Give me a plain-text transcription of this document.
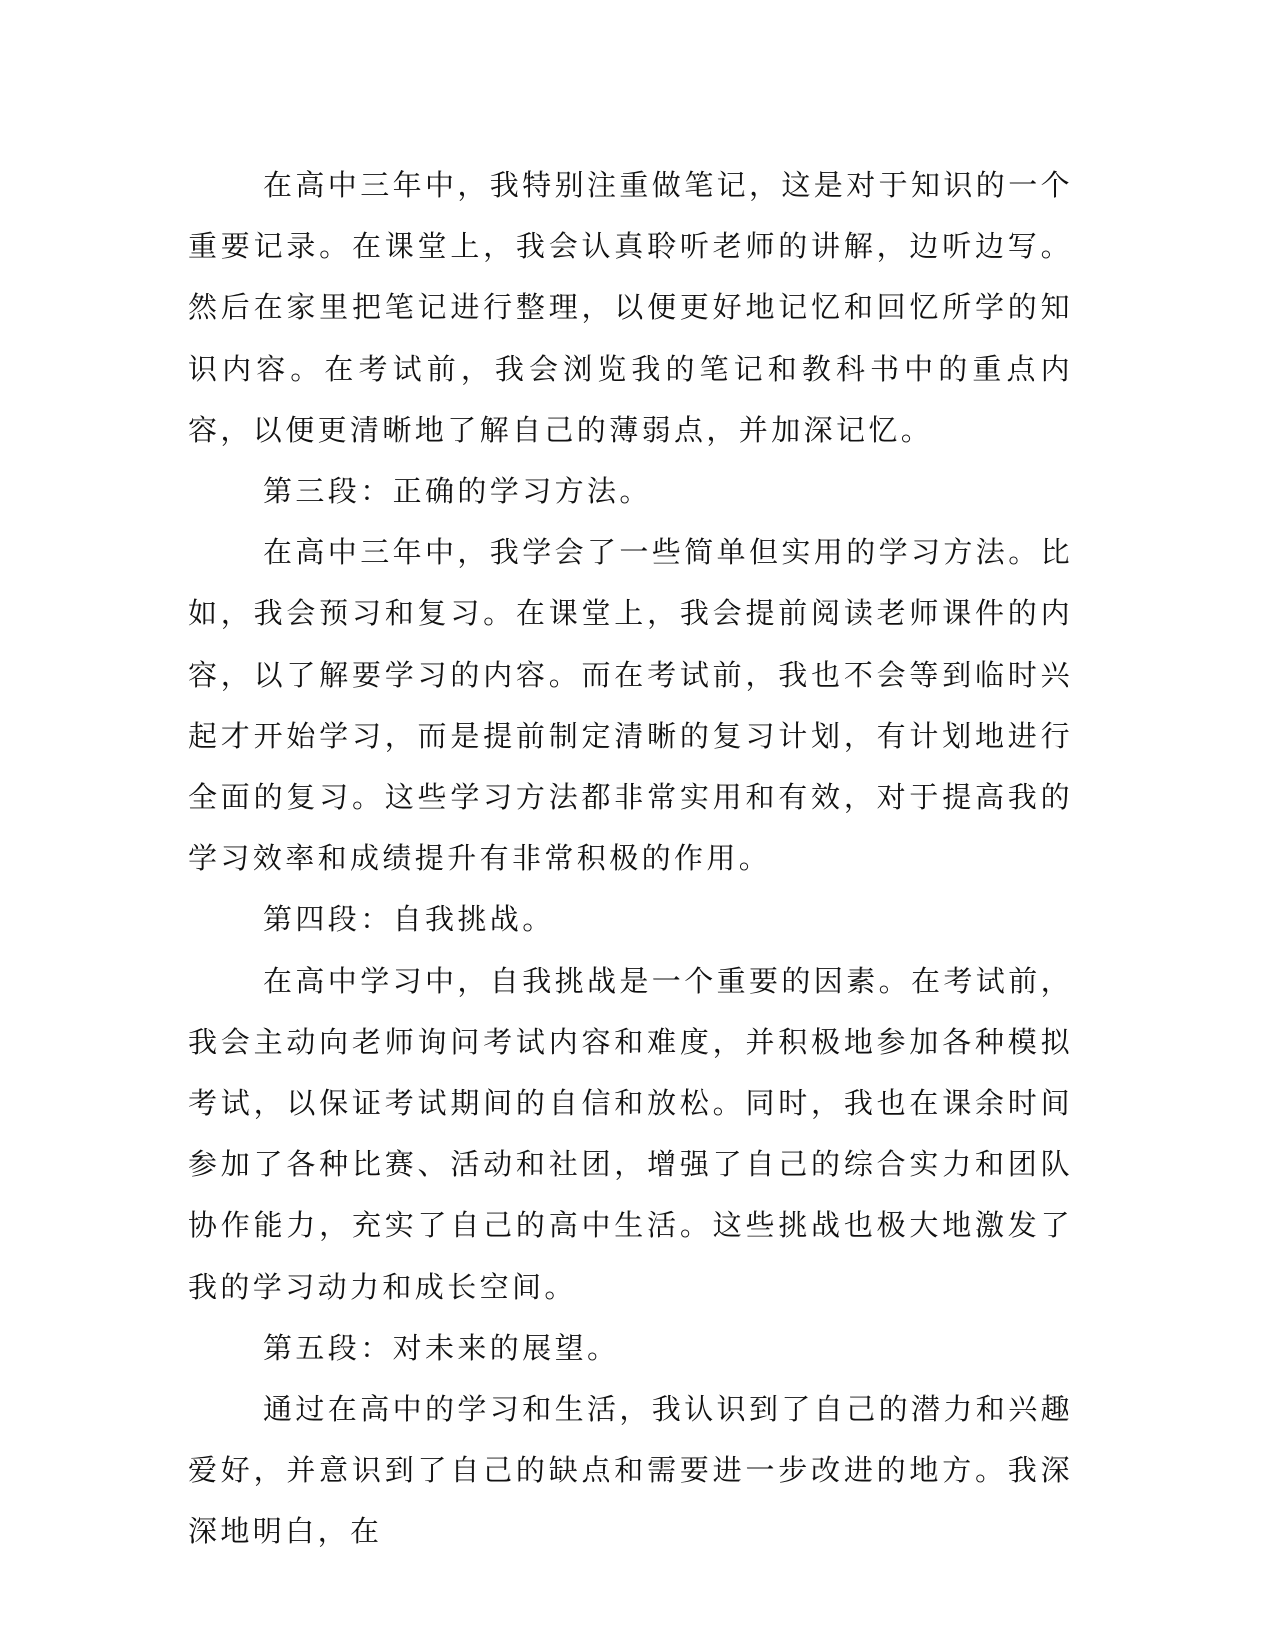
在高中三年中，我特别注重做笔记，这是对于知识的一个重要记录。在课堂上，我会认真聆听老师的讲解，边听边写。然后在家里把笔记进行整理，以便更好地记忆和回忆所学的知识内容。在考试前，我会浏览我的笔记和教科书中的重点内容，以便更清晰地了解自己的薄弱点，并加深记忆。

第三段：正确的学习方法。

在高中三年中，我学会了一些简单但实用的学习方法。比如，我会预习和复习。在课堂上，我会提前阅读老师课件的内容，以了解要学习的内容。而在考试前，我也不会等到临时兴起才开始学习，而是提前制定清晰的复习计划，有计划地进行全面的复习。这些学习方法都非常实用和有效，对于提高我的学习效率和成绩提升有非常积极的作用。

第四段：自我挑战。

在高中学习中，自我挑战是一个重要的因素。在考试前，我会主动向老师询问考试内容和难度，并积极地参加各种模拟考试，以保证考试期间的自信和放松。同时，我也在课余时间参加了各种比赛、活动和社团，增强了自己的综合实力和团队协作能力，充实了自己的高中生活。这些挑战也极大地激发了我的学习动力和成长空间。

第五段：对未来的展望。

通过在高中的学习和生活，我认识到了自己的潜力和兴趣爱好，并意识到了自己的缺点和需要进一步改进的地方。我深深地明白，在
